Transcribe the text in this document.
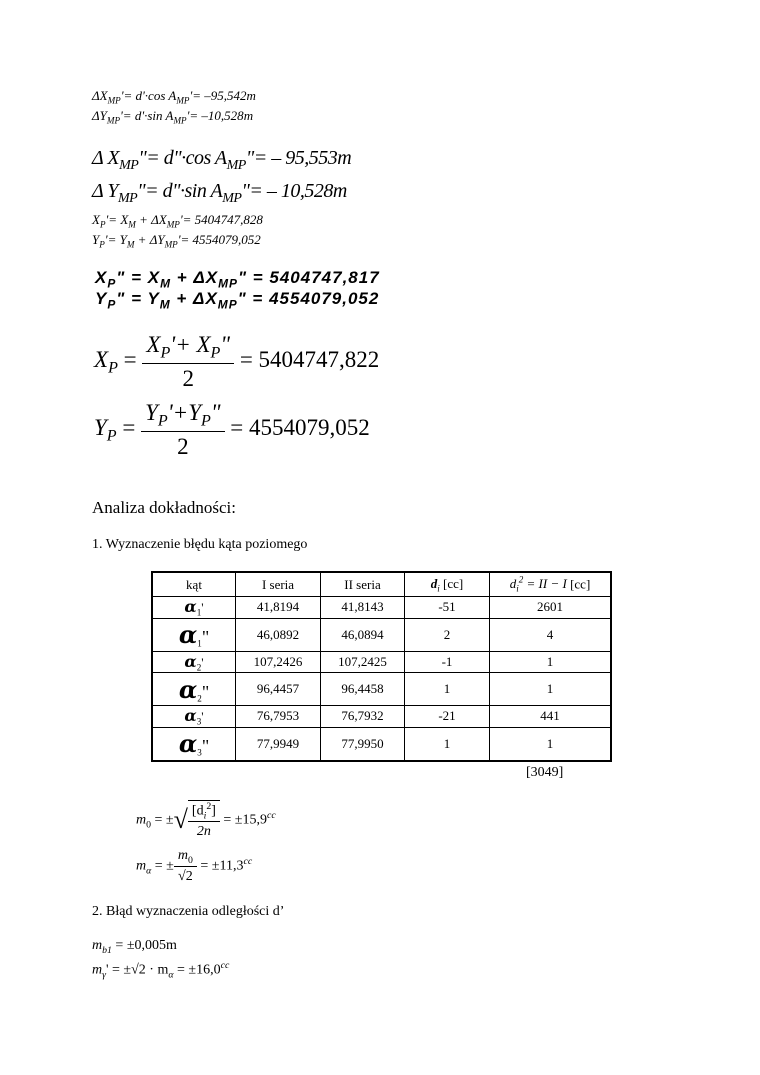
$\Delta X_{MP}'= d'\cdot\cos$ $A_{MP}'= -95,542m$
$\Delta Y_{MP}'= d'\cdot\sin$ $A_{MP}'= -10,528m$
Δ $X_{MP}"=$ d"·cos $A_{MP}"= - 95,553m$
Δ $Y_{MP}"=$ d"·sin $A_{MP}"= - 10,528m$
$X_P'= X_M + \Delta X_{MP}'= 5404747,828$
$Y_P'= Y_M + \Delta Y_{MP}'= 4554079,052$
$X_P$" = $X_M + \Delta X_{MP}$" = 5404747,817
$Y_P$" = $Y_M + \Delta X_{MP}$" = 4554079,052
$X_P = \frac{X_P'+ X_P"}{2} = 5404747,822$
$Y_P = \frac{Y_P'+Y_P"}{2} = 4554079,052$
Analiza dokładności:
1. Wyznaczenie błędu kąta poziomego
kąt	I seria	II seria	$d_i$ [cc]	$d_i^2$ = II − I [cc]
$\alpha_1'$	41,8194	41,8143	-51	2601
$\alpha_1$"	46,0892	46,0894	2	4
$\alpha_2'$	107,2426	107,2425	-1	1
$\alpha_2$"	96,4457	96,4458	1	1
$\alpha_3'$	76,7953	76,7932	-21	441
$\alpha_3$"	77,9949	77,9950	1	1
[3049]
$m_0$ = ±√ $\frac{[d_i^2]}{2n} = \pm 15,9^{cc}$
$m_\alpha$ = ± $\frac{m_0}{√2} = \pm 11,3^{cc}$
2. Błąd wyznaczenia odległości d’
$m_{b1} = \pm 0,005m$
$m_\gamma' = \pm√2 \cdot m_\alpha = \pm 16,0^{cc}$
